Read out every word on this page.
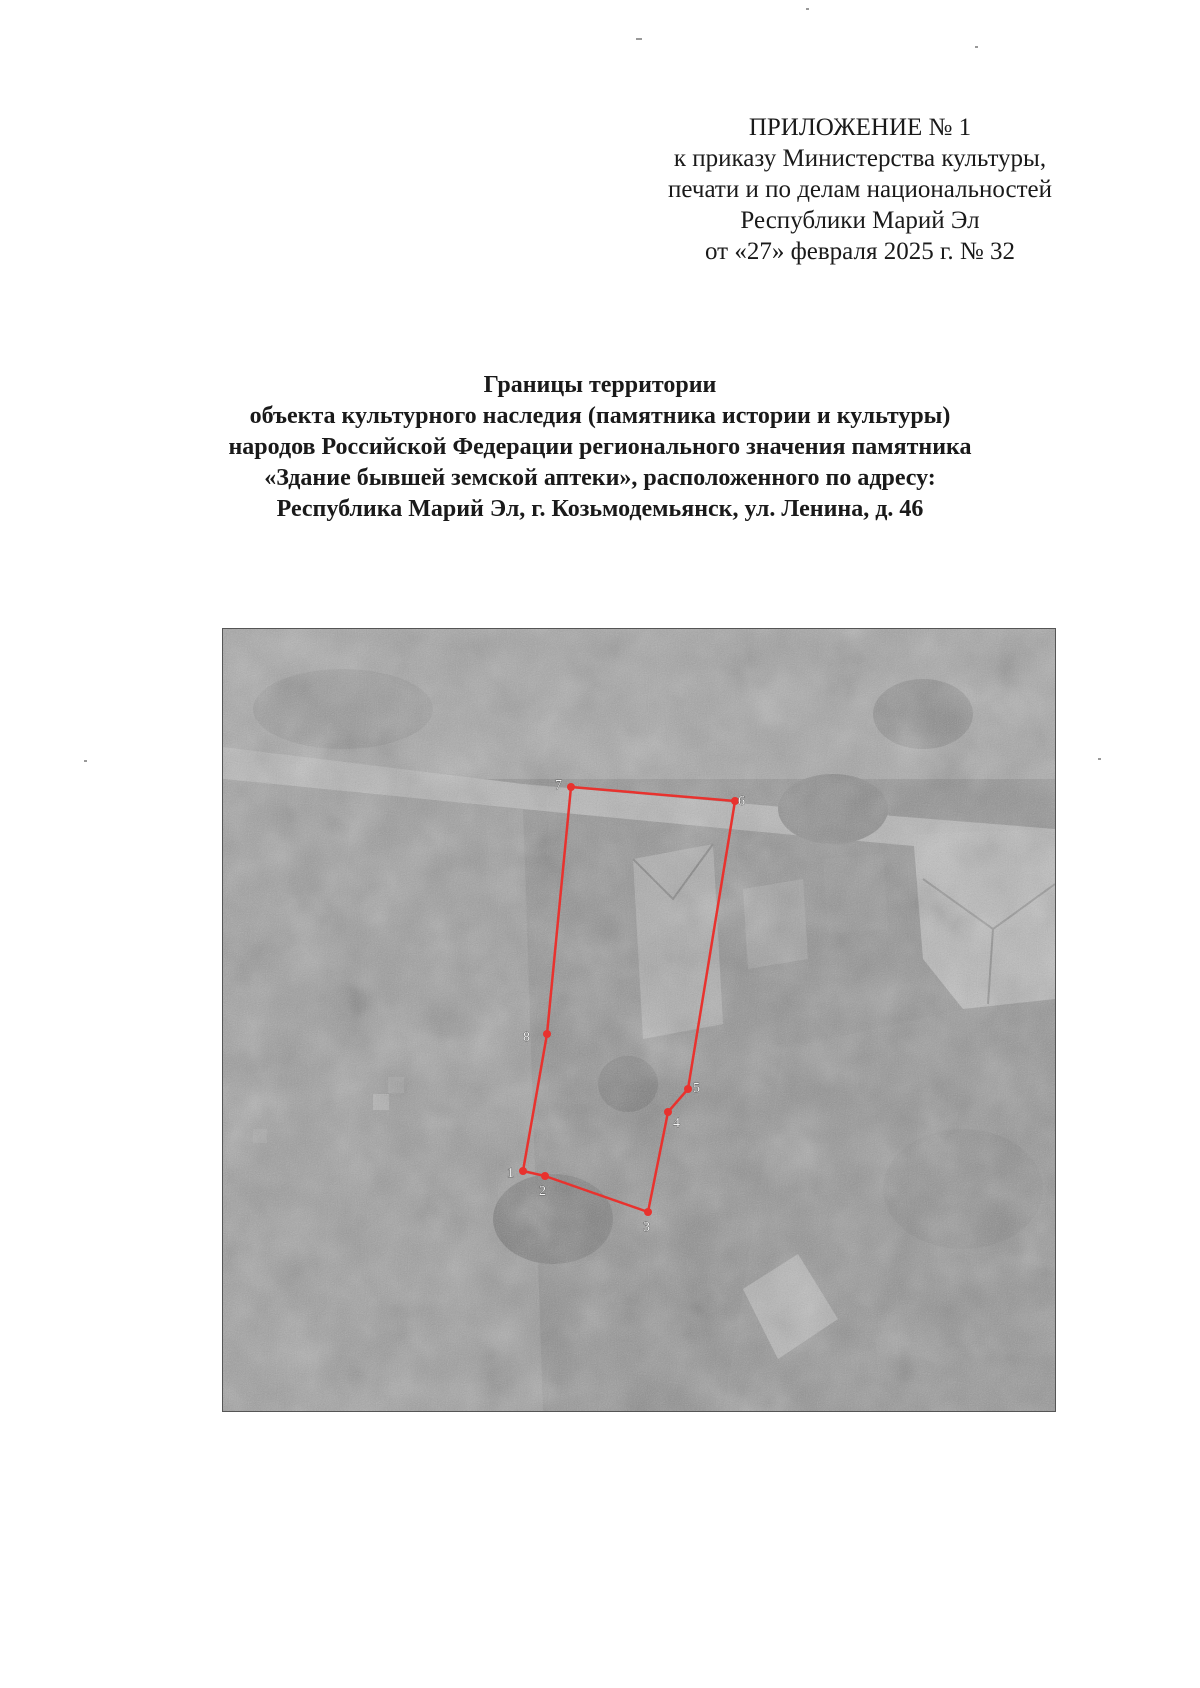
ПРИЛОЖЕНИЕ № 1
к приказу Министерства культуры,
печати и по делам национальностей
Республики Марий Эл
от «27» февраля 2025 г. № 32
Границы территории
объекта культурного наследия (памятника истории и культуры)
народов Российской Федерации регионального значения памятника
«Здание бывшей земской аптеки», расположенного по адресу:
Республика Марий Эл, г. Козьмодемьянск, ул. Ленина, д. 46
1
2
3
4
5
6
7
8
